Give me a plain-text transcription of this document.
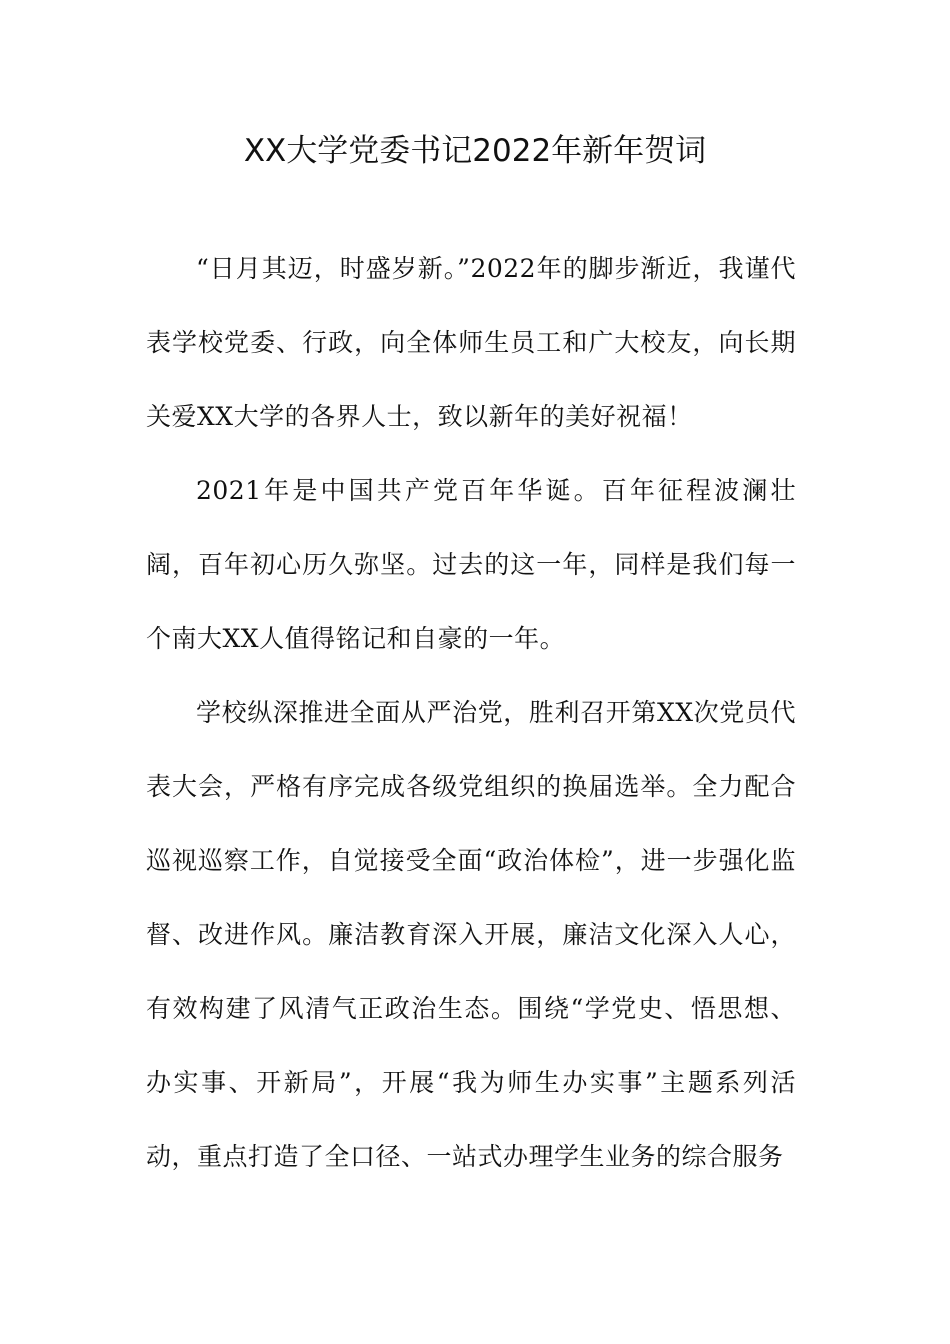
XX大学党委书记2022年新年贺词

“日月其迈，时盛岁新。”2022年的脚步渐近，我谨代表学校党委、行政，向全体师生员工和广大校友，向长期关爱XX大学的各界人士，致以新年的美好祝福！

2021年是中国共产党百年华诞。百年征程波澜壮阔，百年初心历久弥坚。过去的这一年，同样是我们每一个南大XX人值得铭记和自豪的一年。

学校纵深推进全面从严治党，胜利召开第XX次党员代表大会，严格有序完成各级党组织的换届选举。全力配合巡视巡察工作，自觉接受全面“政治体检”，进一步强化监督、改进作风。廉洁教育深入开展，廉洁文化深入人心，有效构建了风清气正政治生态。围绕“学党史、悟思想、办实事、开新局”，开展“我为师生办实事”主题系列活动，重点打造了全口径、一站式办理学生业务的综合服务
